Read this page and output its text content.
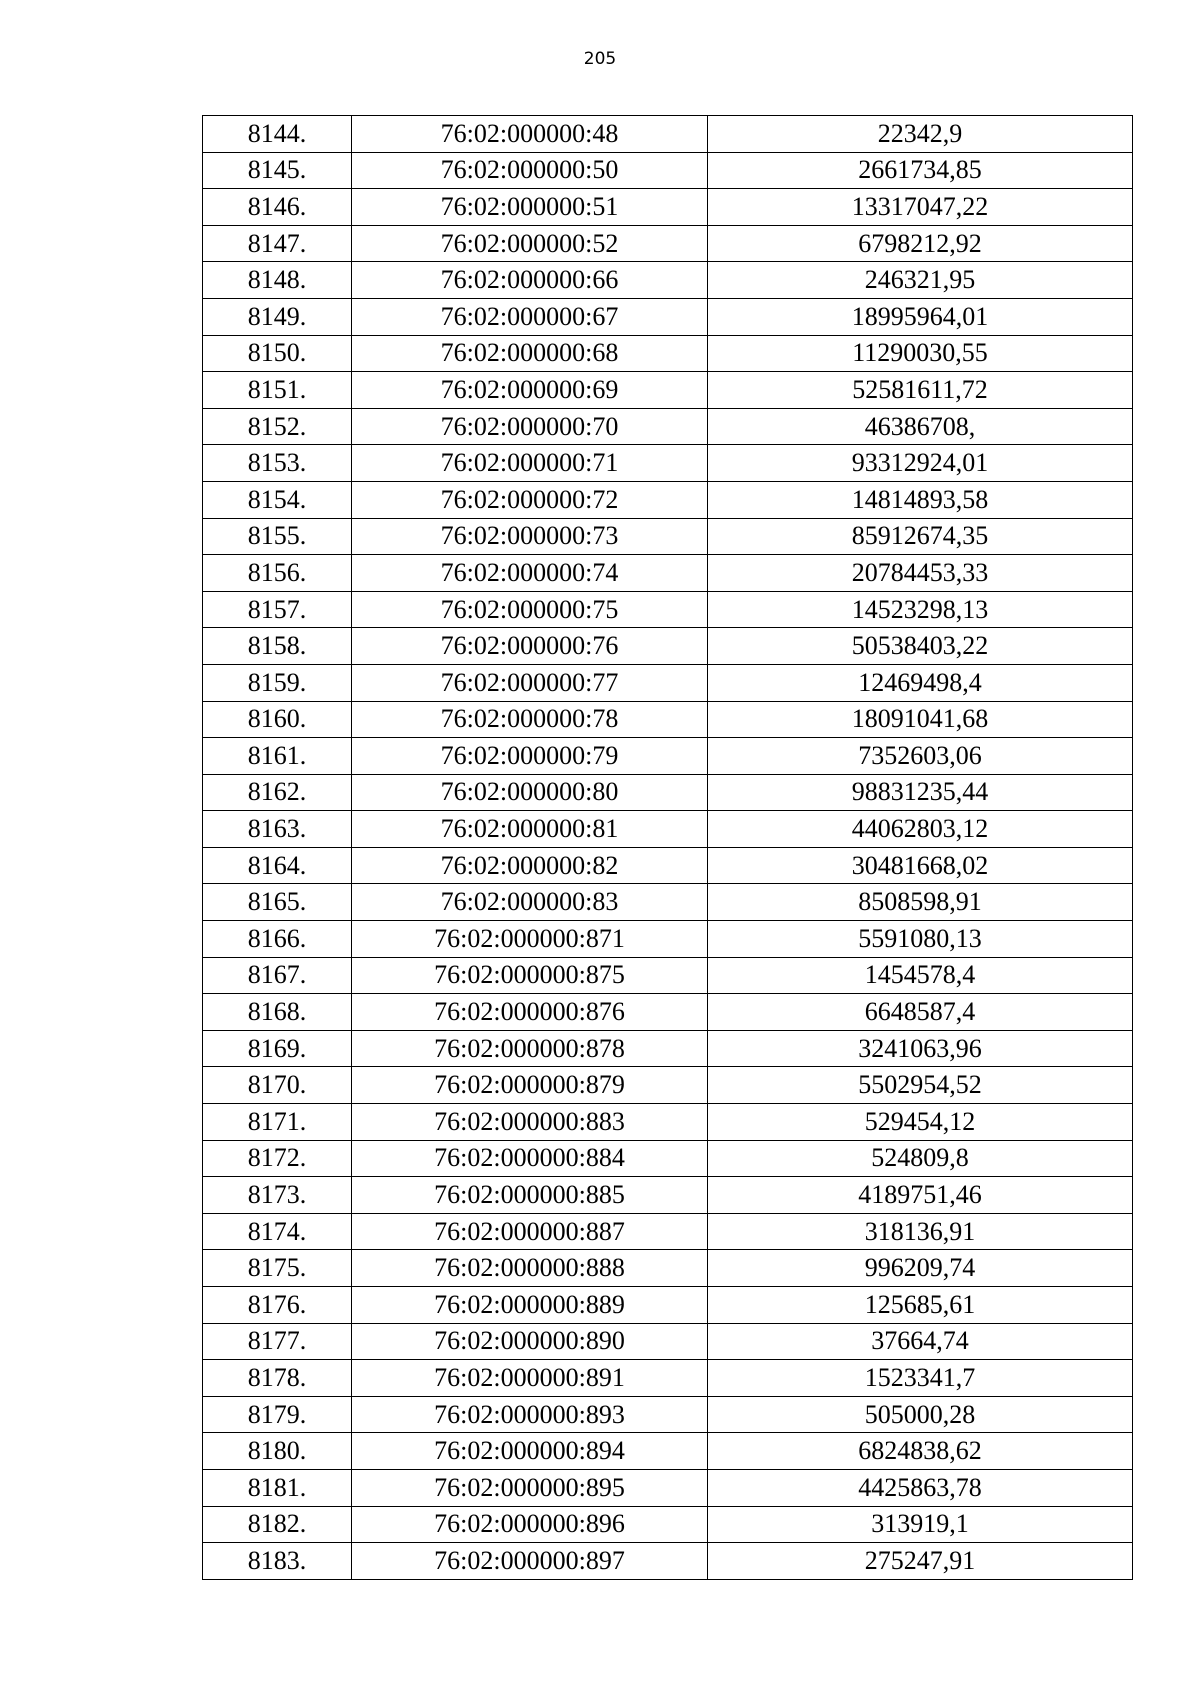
205
8144.	76:02:000000:48	22342,9
8145.	76:02:000000:50	2661734,85
8146.	76:02:000000:51	13317047,22
8147.	76:02:000000:52	6798212,92
8148.	76:02:000000:66	246321,95
8149.	76:02:000000:67	18995964,01
8150.	76:02:000000:68	11290030,55
8151.	76:02:000000:69	52581611,72
8152.	76:02:000000:70	46386708,
8153.	76:02:000000:71	93312924,01
8154.	76:02:000000:72	14814893,58
8155.	76:02:000000:73	85912674,35
8156.	76:02:000000:74	20784453,33
8157.	76:02:000000:75	14523298,13
8158.	76:02:000000:76	50538403,22
8159.	76:02:000000:77	12469498,4
8160.	76:02:000000:78	18091041,68
8161.	76:02:000000:79	7352603,06
8162.	76:02:000000:80	98831235,44
8163.	76:02:000000:81	44062803,12
8164.	76:02:000000:82	30481668,02
8165.	76:02:000000:83	8508598,91
8166.	76:02:000000:871	5591080,13
8167.	76:02:000000:875	1454578,4
8168.	76:02:000000:876	6648587,4
8169.	76:02:000000:878	3241063,96
8170.	76:02:000000:879	5502954,52
8171.	76:02:000000:883	529454,12
8172.	76:02:000000:884	524809,8
8173.	76:02:000000:885	4189751,46
8174.	76:02:000000:887	318136,91
8175.	76:02:000000:888	996209,74
8176.	76:02:000000:889	125685,61
8177.	76:02:000000:890	37664,74
8178.	76:02:000000:891	1523341,7
8179.	76:02:000000:893	505000,28
8180.	76:02:000000:894	6824838,62
8181.	76:02:000000:895	4425863,78
8182.	76:02:000000:896	313919,1
8183.	76:02:000000:897	275247,91
